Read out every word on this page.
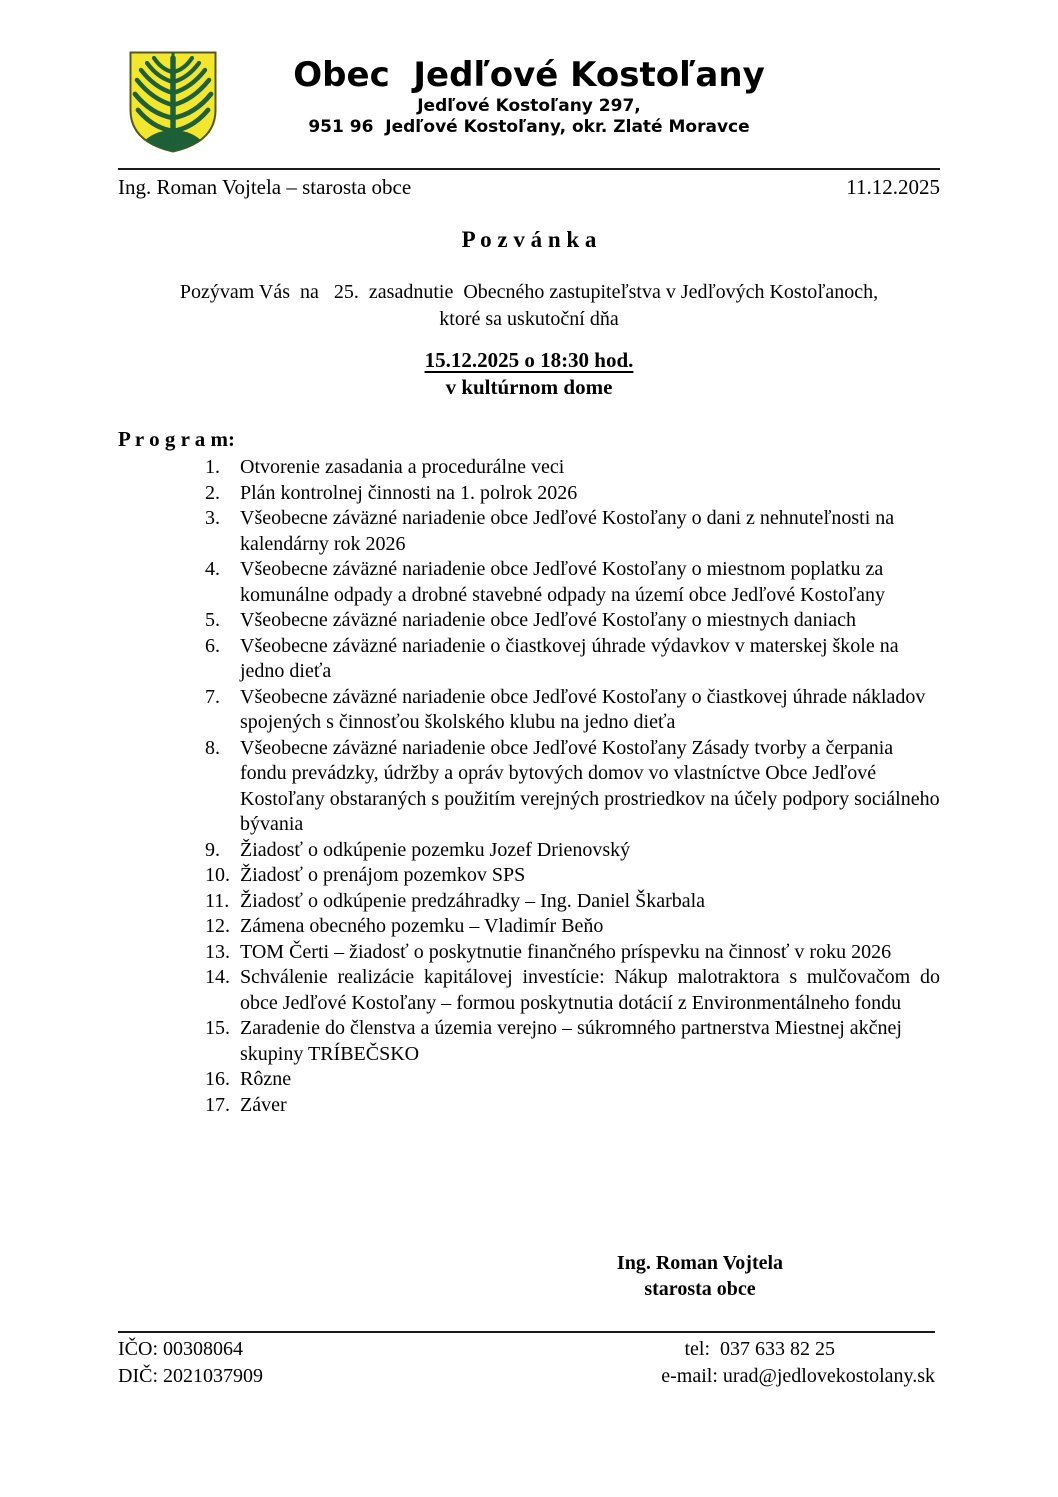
Obec  Jedľové Kostoľany
Jedľové Kostoľany 297,
951 96  Jedľové Kostoľany, okr. Zlaté Moravce
Ing. Roman Vojtela – starosta obce	11.12.2025
P o z v á n k a
Pozývam Vás  na   25.  zasadnutie  Obecného zastupiteľstva v Jedľových Kostoľanoch,
ktoré sa uskutoční dňa
15.12.2025 o 18:30 hod.
v kultúrnom dome
P r o g r a m:
Otvorenie zasadania a procedurálne veci
Plán kontrolnej činnosti na 1. polrok 2026
Všeobecne záväzné nariadenie obce Jedľové Kostoľany o dani z nehnuteľnosti na kalendárny rok 2026
Všeobecne záväzné nariadenie obce Jedľové Kostoľany o miestnom poplatku za komunálne odpady a drobné stavebné odpady na území obce Jedľové Kostoľany
Všeobecne záväzné nariadenie obce Jedľové Kostoľany o miestnych daniach
Všeobecne záväzné nariadenie o čiastkovej úhrade výdavkov v materskej škole na jedno dieťa
Všeobecne záväzné nariadenie obce Jedľové Kostoľany o čiastkovej úhrade nákladov spojených s činnosťou školského klubu na jedno dieťa
Všeobecne záväzné nariadenie obce Jedľové Kostoľany Zásady tvorby a čerpania fondu prevádzky, údržby a opráv bytových domov vo vlastníctve Obce Jedľové Kostoľany obstaraných s použitím verejných prostriedkov na účely podpory sociálneho bývania
Žiadosť o odkúpenie pozemku Jozef Drienovský
Žiadosť o prenájom pozemkov SPS
Žiadosť o odkúpenie predzáhradky – Ing. Daniel Škarbala
Zámena obecného pozemku – Vladimír Beňo
TOM Čerti – žiadosť o poskytnutie finančného príspevku na činnosť v roku 2026
Schválenie realizácie kapitálovej investície: Nákup malotraktora s mulčovačom do obce Jedľové Kostoľany – formou poskytnutia dotácií z Environmentálneho fondu
Zaradenie do členstva a územia verejno – súkromného partnerstva Miestnej akčnej skupiny TRÍBEČSKO
Rôzne
Záver
Ing. Roman Vojtela
starosta obce
IČO: 00308064
DIČ: 2021037909
tel:  037 633 82 25
e-mail: urad@jedlovekostolany.sk
